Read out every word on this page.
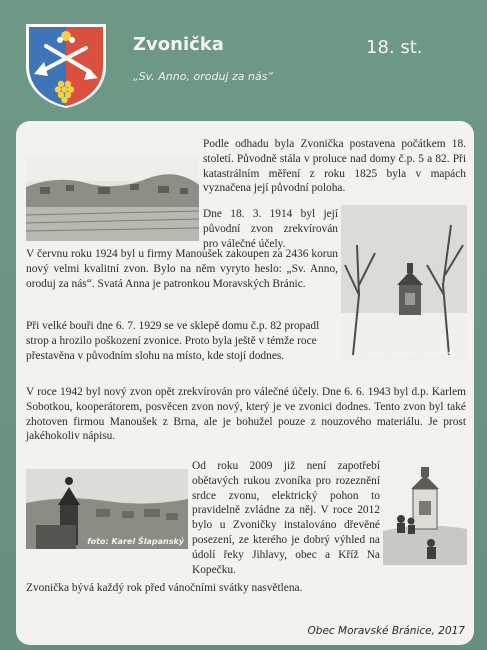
Zvonička	18. st.
„Sv. Anno, oroduj za nás“

Podle odhadu byla Zvonička postavena počátkem 18. století. Původně stála v proluce nad domy č.p. 5 a 82. Při katastrálním měření z roku 1825 byla v mapách vyznačena její původní poloha.

Dne 18. 3. 1914 byl její původní zvon zrekvírován pro válečné účely.

foto: Karel Šlapanský

V červnu roku 1924 byl u firmy Manoušek zakoupen za 2436 korun nový velmi kvalitní zvon. Bylo na něm vyryto heslo: „Sv. Anno, oroduj za nás“. Svatá Anna je patronkou Moravských Bránic.

Při velké bouři dne 6. 7. 1929 se ve sklepě domu č.p. 82 propadl strop a hrozilo poškození zvonice. Proto byla ještě v témže roce přestavěna v původním slohu na místo, kde stojí dodnes.

V roce 1942 byl nový zvon opět zrekvírován pro válečné účely. Dne 6. 6. 1943 byl d.p. Karlem Sobotkou, kooperátorem, posvěcen zvon nový, který je ve zvonici dodnes. Tento zvon byl také zhotoven firmou Manoušek z Brna, ale je bohužel pouze z nouzového materiálu. Je prost jakéhokoliv nápisu.

foto: Karel Šlapanský

Od roku 2009 již není zapotřebí obětavých rukou zvoníka pro rozeznění srdce zvonu, elektrický pohon to pravidelně zvládne za něj. V roce 2012 bylo u Zvoničky instalováno dřevěné posezení, ze kterého je dobrý výhled na údolí řeky Jihlavy, obec a Kříž Na Kopečku.

Zvonička bývá každý rok před vánočními svátky nasvětlena.

Obec Moravské Bránice, 2017
